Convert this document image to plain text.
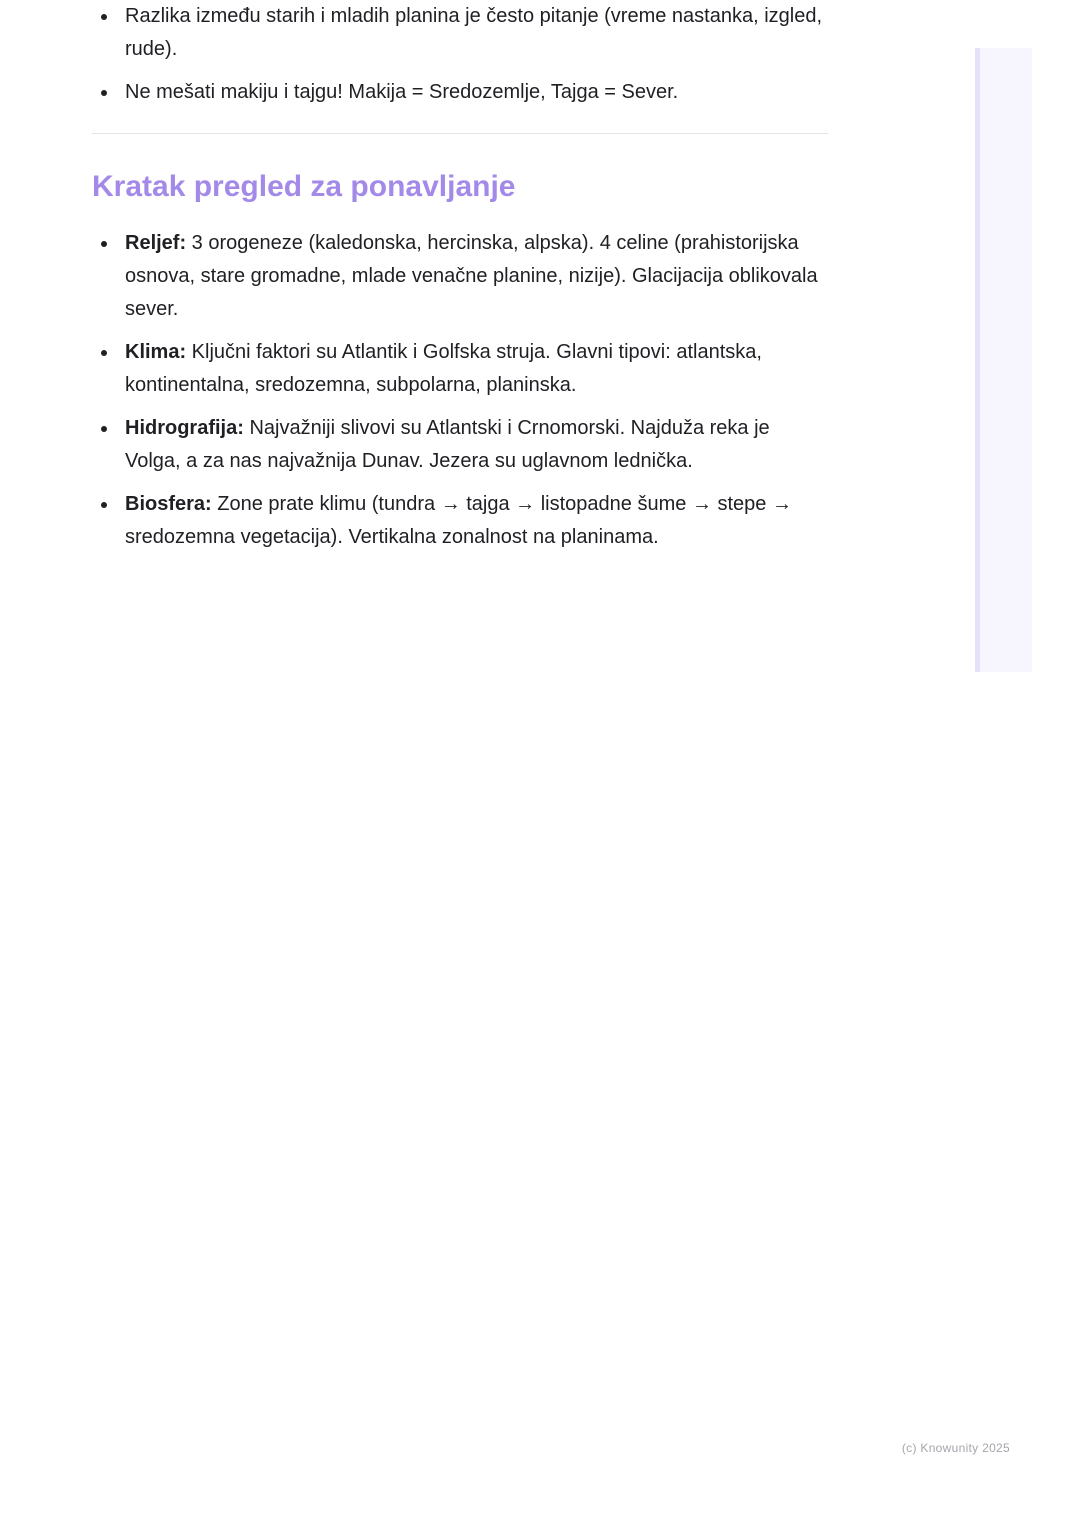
Razlika između starih i mladih planina je često pitanje (vreme nastanka, izgled, rude).
Ne mešati makiju i tajgu! Makija = Sredozemlje, Tajga = Sever.
Kratak pregled za ponavljanje
Reljef: 3 orogeneze (kaledonska, hercinska, alpska). 4 celine (prahistorijska osnova, stare gromadne, mlade venačne planine, nizije). Glacijacija oblikovala sever.
Klima: Ključni faktori su Atlantik i Golfska struja. Glavni tipovi: atlantska, kontinentalna, sredozemna, subpolarna, planinska.
Hidrografija: Najvažniji slivovi su Atlantski i Crnomorski. Najduža reka je Volga, a za nas najvažnija Dunav. Jezera su uglavnom lednička.
Biosfera: Zone prate klimu (tundra → tajga → listopadne šume → stepe → sredozemna vegetacija). Vertikalna zonalnost na planinama.
(c) Knowunity 2025
